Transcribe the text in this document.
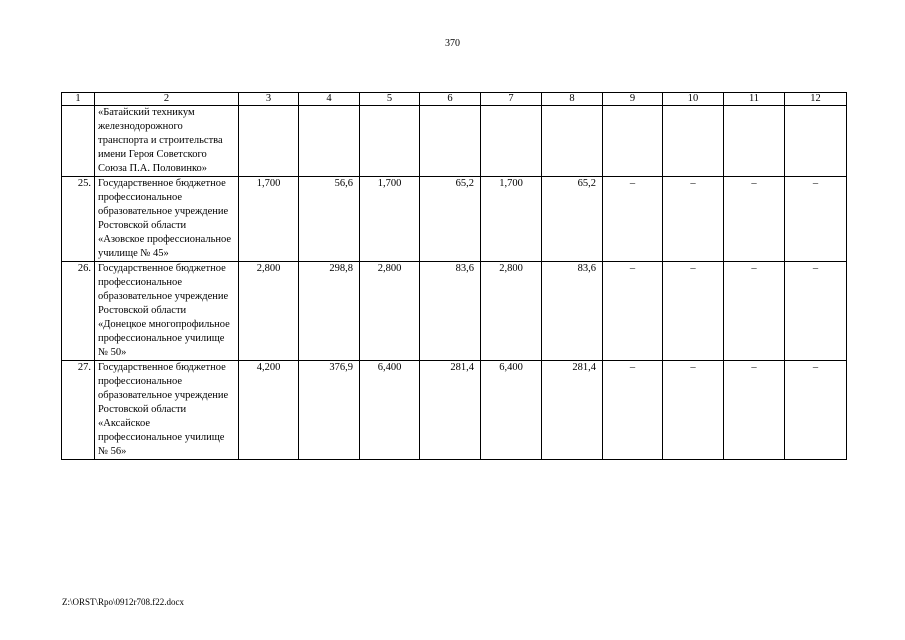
370
1	2	3	4	5	6	7	8	9	10	11	12
	«Батайский техникум железнодорожного транспорта и строительства имени Героя Советского Союза П.А. Половинко»										
25.	Государственное бюджетное профессиональное образовательное учреждение Ростовской области «Азовское профессиональное училище № 45»	1,700	56,6	1,700	65,2	1,700	65,2	–	–	–	–
26.	Государственное бюджетное профессиональное образовательное учреждение Ростовской области «Донецкое многопрофильное профессиональное училище № 50»	2,800	298,8	2,800	83,6	2,800	83,6	–	–	–	–
27.	Государственное бюджетное профессиональное образовательное учреждение Ростовской области «Аксайское профессиональное училище № 56»	4,200	376,9	6,400	281,4	6,400	281,4	–	–	–	–
Z:\ORST\Rpo\0912r708.f22.docx
